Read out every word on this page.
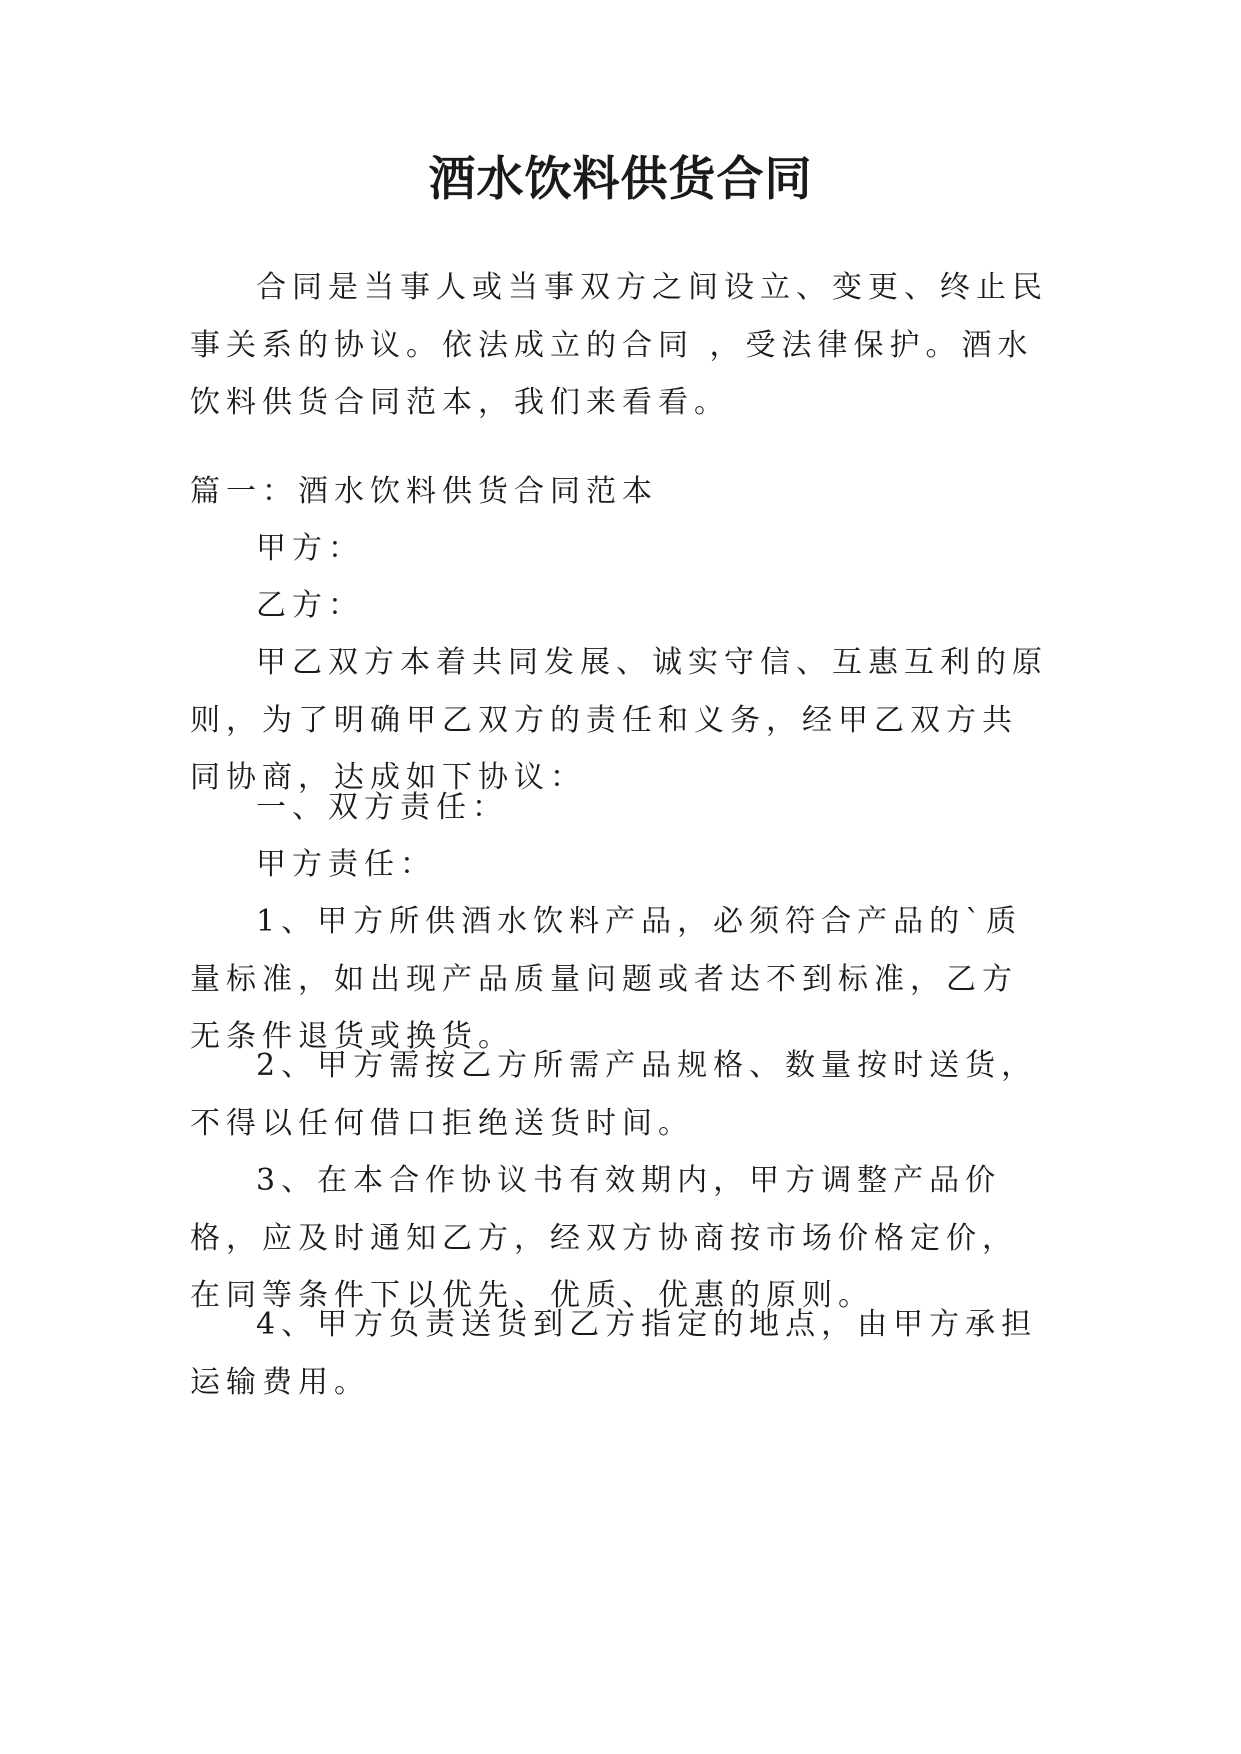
酒水饮料供货合同

合同是当事人或当事双方之间设立、变更、终止民事关系的协议。依法成立的合同 ，受法律保护。酒水饮料供货合同范本，我们来看看。

篇一：酒水饮料供货合同范本

甲方：

乙方：

甲乙双方本着共同发展、诚实守信、互惠互利的原则，为了明确甲乙双方的责任和义务，经甲乙双方共同协商，达成如下协议：

一、双方责任：

甲方责任：

1、甲方所供酒水饮料产品，必须符合产品的`质量标准，如出现产品质量问题或者达不到标准，乙方无条件退货或换货。

2、甲方需按乙方所需产品规格、数量按时送货，不得以任何借口拒绝送货时间。

3、在本合作协议书有效期内，甲方调整产品价格，应及时通知乙方，经双方协商按市场价格定价，在同等条件下以优先、优质、优惠的原则。

4、甲方负责送货到乙方指定的地点，由甲方承担运输费用。
